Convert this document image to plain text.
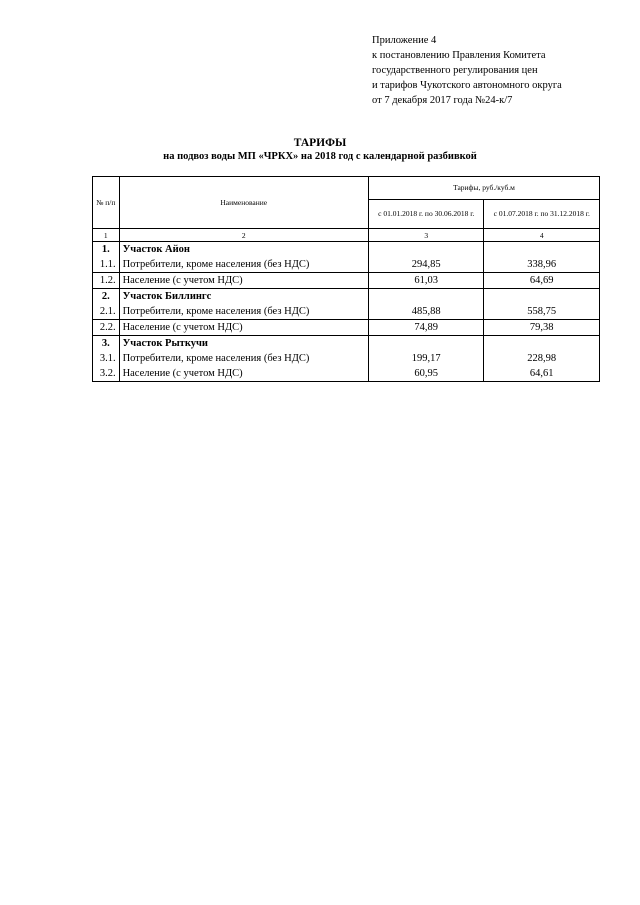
Приложение 4
к постановлению Правления Комитета
государственного регулирования цен
и тарифов Чукотского автономного округа
от 7 декабря 2017 года №24-к/7
ТАРИФЫ
на подвоз воды МП «ЧРКХ» на 2018 год с календарной разбивкой
№ п/п	Наименование	Тарифы, руб./куб.м	
		с 01.01.2018 г. по 30.06.2018 г.	с 01.07.2018 г. по 31.12.2018 г.
1	2	3	4
1.	Участок Айон		
1.1.	Потребители, кроме населения (без НДС)	294,85	338,96
1.2.	Население (с учетом НДС)	61,03	64,69
2.	Участок Биллингс		
2.1.	Потребители, кроме населения (без НДС)	485,88	558,75
2.2.	Население (с учетом НДС)	74,89	79,38
3.	Участок Рыткучи		
3.1.	Потребители, кроме населения (без НДС)	199,17	228,98
3.2.	Население (с учетом НДС)	60,95	64,61
